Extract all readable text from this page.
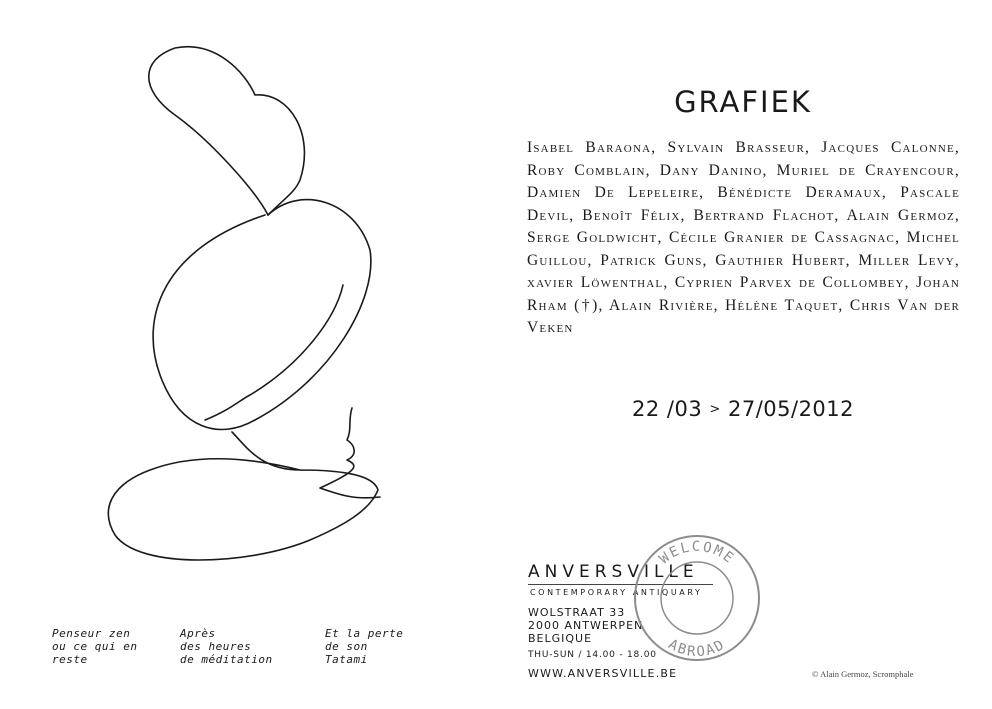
GRAFIEK
Isabel Baraona, Sylvain Brasseur, Jacques Calonne, Roby Comblain, Dany Danino, Muriel de Crayencour, Damien De Lepeleire, Bénédicte Deramaux, Pascale Devil, Benoît Félix, Bertrand Flachot, Alain Germoz, Serge Goldwicht, Cécile Granier de Cassagnac, Michel Guillou, Patrick Guns, Gauthier Hubert, Miller Levy, xavier Löwenthal, Cyprien Parvex de Collombey, Johan Rham (†), Alain Rivière, Hélène Taquet, Chris Van der Veken
22 /03 > 27/05/2012
ANVERSVILLE
CONTEMPORARY ANTIQUARY
WOLSTRAAT 33
2000 ANTWERPEN
BELGIQUE
THU-SUN / 14.00 - 18.00
WWW.ANVERSVILLE.BE
WELCOME
ABROAD
© Alain Germoz, Scromphale
Penseur zen
ou ce qui en
reste
Après
des heures
de méditation
Et la perte
de son
Tatami
